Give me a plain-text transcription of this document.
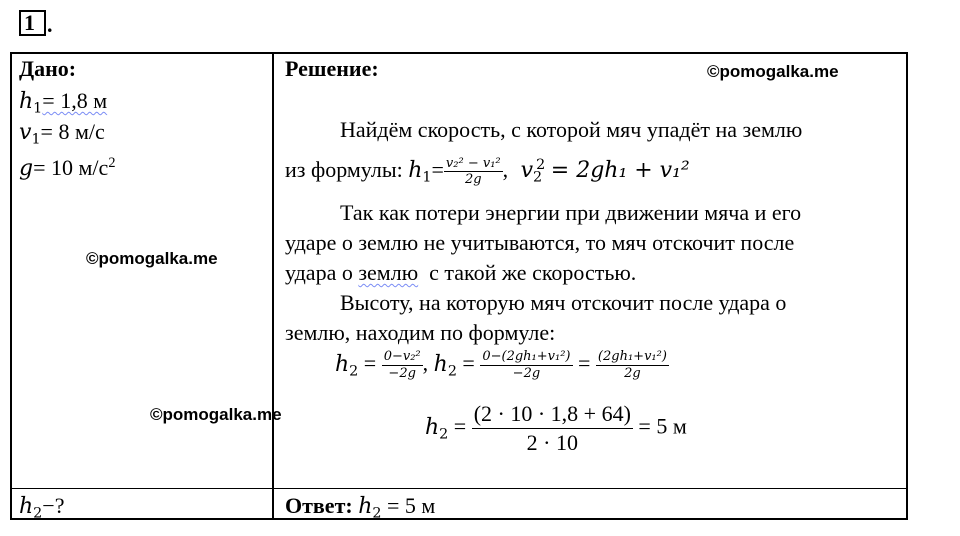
1 .
Дано:
$h_1= 1,8$ м
$v_1= 8$ м/с
g= 10 $м/с^2$
$h_2-$?
Решение:
Найдём скорость, с которой мяч упадёт на землю
из формулы: $h_1= \frac{\text{v₂² − v₁²}}{2g}$ ,  $v_2^2 = 2gh_1 + v_1^2$
Так как потери энергии при движении мяча и его
ударе о землю не учитываются, то мяч отскочит после
удара о землю  с такой же скоростью.
Высоту, на которую мяч отскочит после удара о
землю, находим по формуле:
$h_2 = \frac{\text{0−v₂²}}{-2g}$ , $h_2 = \frac{\text{0−(2gh₁+v₁²)}}{-2g} = \frac{\text{(2gh₁+v₁²)}}{2g}$
$h_2 = \frac{(2 \cdot 10 \cdot 1,8 + 64)}{2 \cdot 10} = 5$ м
Ответ: $h_2 = 5$ м
©pomogalka.me
©pomogalka.me
©pomogalka.me
